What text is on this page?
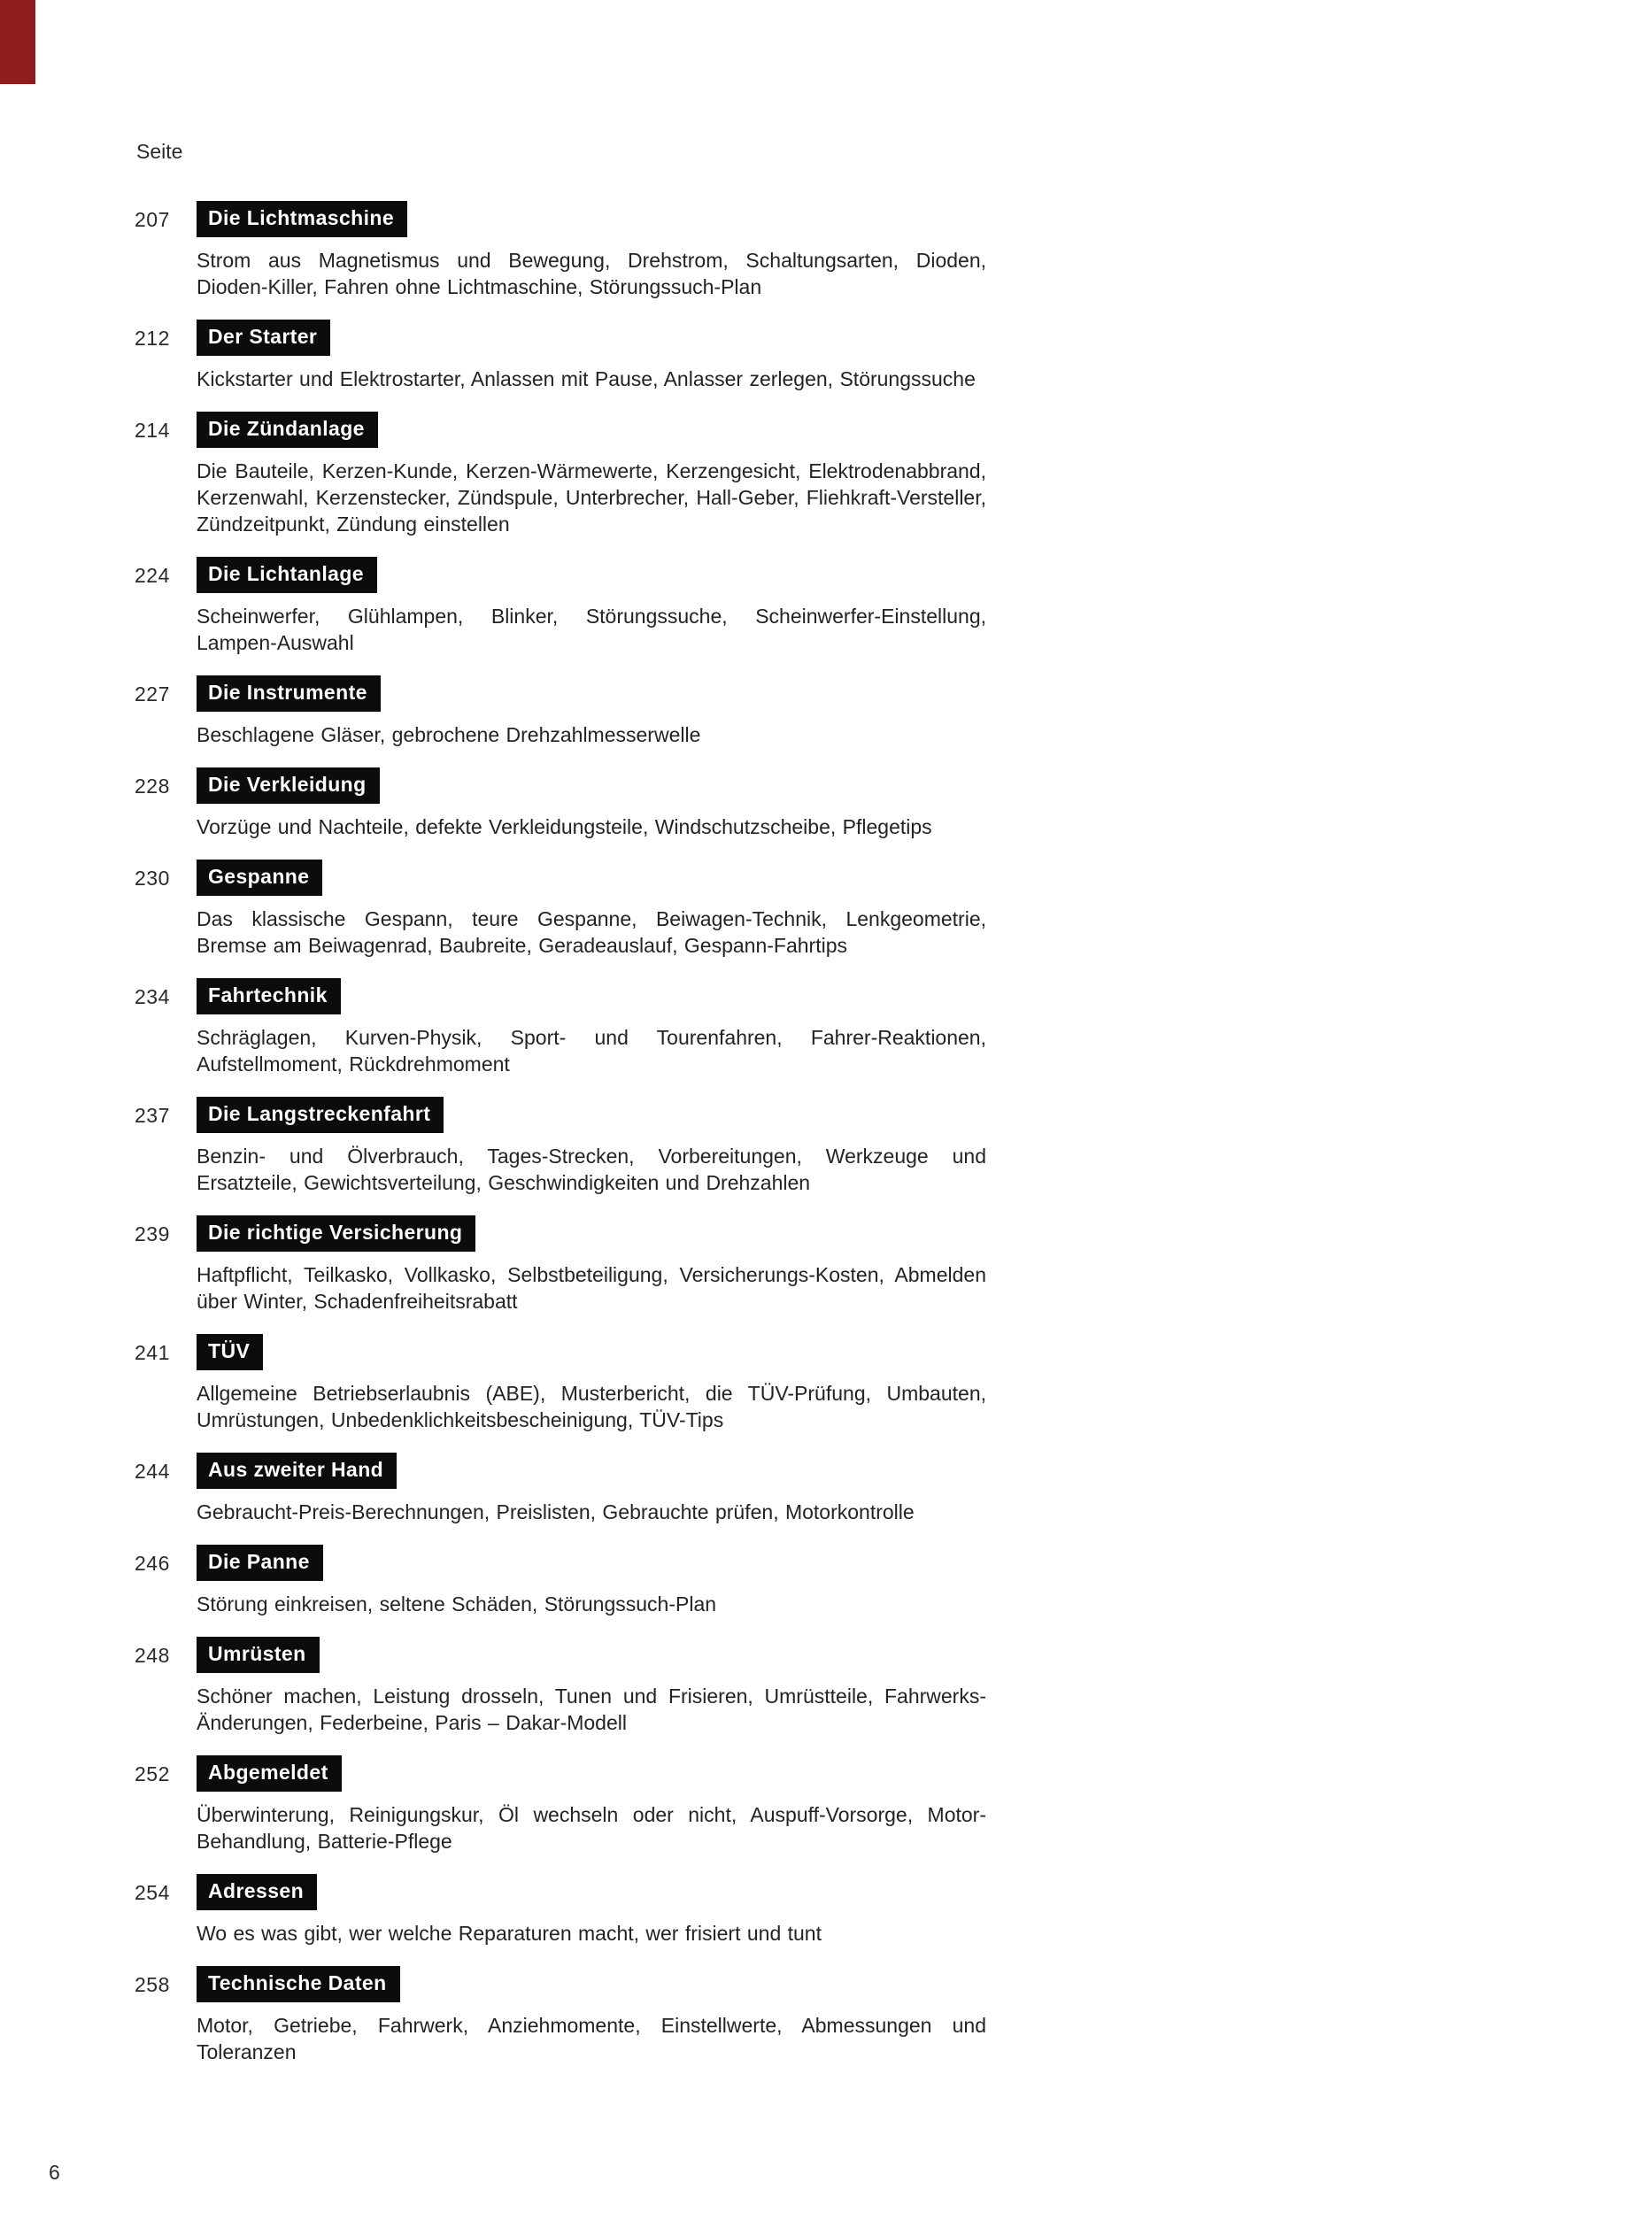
Seite
207	Die Lichtmaschine

Strom aus Magnetismus und Bewegung, Drehstrom, Schaltungsarten, Dioden, Dioden-Killer, Fahren ohne Lichtmaschine, Störungssuch-Plan

212	Der Starter

Kickstarter und Elektrostarter, Anlassen mit Pause, Anlasser zerlegen, Störungssuche

214	Die Zündanlage

Die Bauteile, Kerzen-Kunde, Kerzen-Wärmewerte, Kerzengesicht, Elektrodenabbrand, Kerzenwahl, Kerzenstecker, Zündspule, Unterbrecher, Hall-Geber, Fliehkraft-Versteller, Zündzeitpunkt, Zündung einstellen

224	Die Lichtanlage

Scheinwerfer, Glühlampen, Blinker, Störungssuche, Scheinwerfer-Einstellung, Lampen-Auswahl

227	Die Instrumente

Beschlagene Gläser, gebrochene Drehzahlmesserwelle

228	Die Verkleidung

Vorzüge und Nachteile, defekte Verkleidungsteile, Windschutzscheibe, Pflegetips

230	Gespanne

Das klassische Gespann, teure Gespanne, Beiwagen-Technik, Lenkgeometrie, Bremse am Beiwagenrad, Baubreite, Geradeauslauf, Gespann-Fahrtips

234	Fahrtechnik

Schräglagen, Kurven-Physik, Sport- und Tourenfahren, Fahrer-Reaktionen, Aufstellmoment, Rückdrehmoment

237	Die Langstreckenfahrt

Benzin- und Ölverbrauch, Tages-Strecken, Vorbereitungen, Werkzeuge und Ersatzteile, Gewichtsverteilung, Geschwindigkeiten und Drehzahlen

239	Die richtige Versicherung

Haftpflicht, Teilkasko, Vollkasko, Selbstbeteiligung, Versicherungs-Kosten, Abmelden über Winter, Schadenfreiheitsrabatt

241	TÜV

Allgemeine Betriebserlaubnis (ABE), Musterbericht, die TÜV-Prüfung, Umbauten, Umrüstungen, Unbedenklichkeitsbescheinigung, TÜV-Tips

244	Aus zweiter Hand

Gebraucht-Preis-Berechnungen, Preislisten, Gebrauchte prüfen, Motorkontrolle

246	Die Panne

Störung einkreisen, seltene Schäden, Störungssuch-Plan

248	Umrüsten

Schöner machen, Leistung drosseln, Tunen und Frisieren, Umrüstteile, Fahrwerks-Änderungen, Federbeine, Paris – Dakar-Modell

252	Abgemeldet

Überwinterung, Reinigungskur, Öl wechseln oder nicht, Auspuff-Vorsorge, Motor-Behandlung, Batterie-Pflege

254	Adressen

Wo es was gibt, wer welche Reparaturen macht, wer frisiert und tunt

258	Technische Daten

Motor, Getriebe, Fahrwerk, Anziehmomente, Einstellwerte, Abmessungen und Toleranzen

6
